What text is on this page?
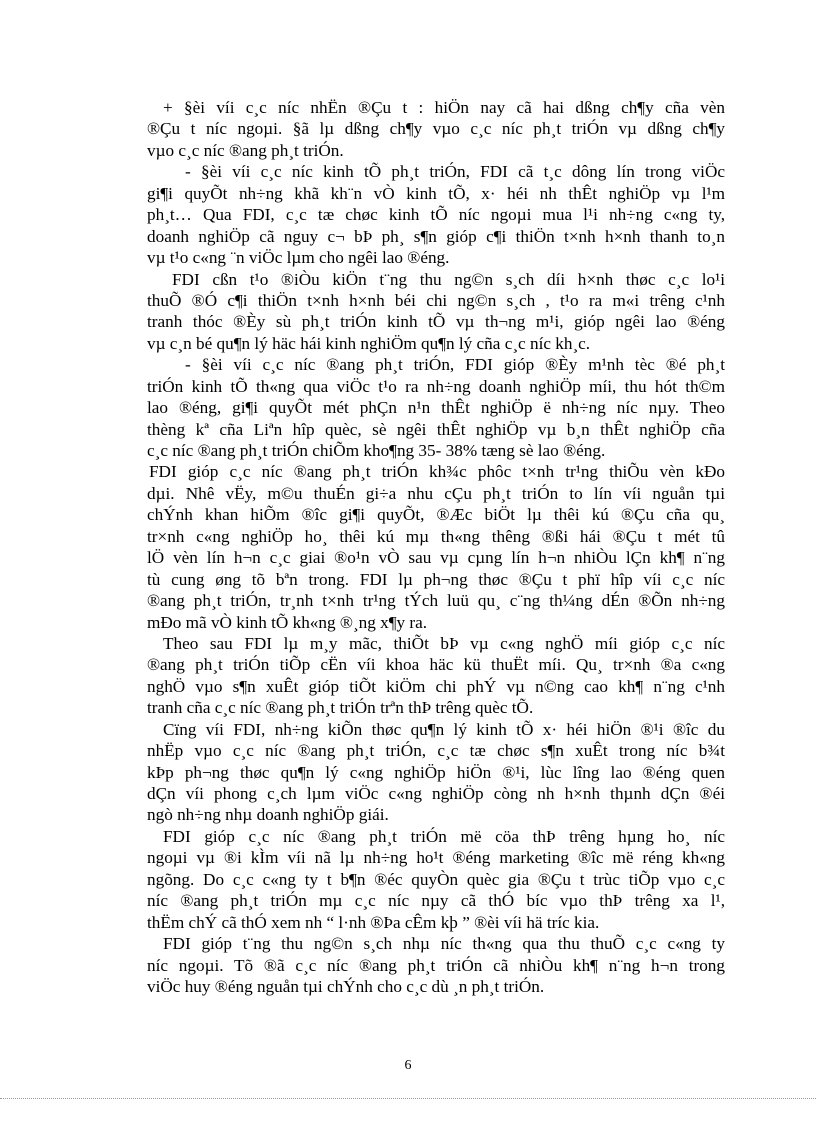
+ §èi víi c¸c níc nhËn ®Çu t : hiÖn nay cã hai dßng ch¶y cña vèn
®Çu t níc ngoµi. §ã lµ dßng ch¶y vµo c¸c níc ph¸t triÓn vµ dßng ch¶y
vµo c¸c níc ®ang ph¸t triÓn.
- §èi víi c¸c níc kinh tÕ ph¸t triÓn, FDI cã t¸c dông lín trong viÖc
gi¶i quyÕt nh÷ng khã kh¨n vÒ kinh tÕ, x· héi nh thÊt nghiÖp vµ l¹m
ph¸t… Qua FDI, c¸c tæ chøc kinh tÕ níc ngoµi mua l¹i nh÷ng c«ng ty,
doanh nghiÖp cã nguy c¬ bÞ ph¸ s¶n gióp c¶i thiÖn t×nh h×nh thanh to¸n
vµ t¹o c«ng ¨n viÖc lµm cho ngêi lao ®éng.
FDI cßn t¹o ®iÒu kiÖn t¨ng thu ng©n s¸ch díi h×nh thøc c¸c lo¹i
thuÕ ®Ó c¶i thiÖn t×nh h×nh béi chi ng©n s¸ch , t¹o ra m«i trêng c¹nh
tranh thóc ®Èy sù ph¸t triÓn kinh tÕ vµ th¬ng m¹i, gióp ngêi lao ®éng
vµ c¸n bé qu¶n lý häc hái kinh nghiÖm qu¶n lý cña c¸c níc kh¸c.
- §èi víi c¸c níc ®ang ph¸t triÓn, FDI gióp ®Èy m¹nh tèc ®é ph¸t
triÓn kinh tÕ th«ng qua viÖc t¹o ra nh÷ng doanh nghiÖp míi, thu hót th©m
lao ®éng, gi¶i quyÕt mét phÇn n¹n thÊt nghiÖp ë nh÷ng níc nµy. Theo
thèng kª cña Liªn hîp quèc, sè ngêi thÊt nghiÖp vµ b¸n thÊt nghiÖp cña
c¸c níc ®ang ph¸t triÓn chiÕm kho¶ng 35- 38% tæng sè lao ®éng.
FDI gióp c¸c níc ®ang ph¸t triÓn kh¾c phôc t×nh tr¹ng thiÕu vèn kÐo
dµi. Nhê vËy, m©u thuÉn gi÷a nhu cÇu ph¸t triÓn to lín víi nguån tµi
chÝnh khan hiÕm ®îc gi¶i quyÕt, ®Æc biÖt lµ thêi kú ®Çu cña qu¸
tr×nh c«ng nghiÖp ho¸ thêi kú mµ th«ng thêng ®ßi hái ®Çu t mét tû
lÖ vèn lín h¬n c¸c giai ®o¹n vÒ sau vµ cµng lín h¬n nhiÒu lÇn kh¶ n¨ng
tù cung øng tõ bªn trong. FDI lµ ph¬ng thøc ®Çu t phï hîp víi c¸c níc
®ang ph¸t triÓn, tr¸nh t×nh tr¹ng tÝch luü qu¸ c¨ng th¼ng dÉn ®Õn nh÷ng
mÐo mã vÒ kinh tÕ kh«ng ®¸ng x¶y ra.
Theo sau FDI lµ m¸y mãc, thiÕt bÞ vµ c«ng nghÖ míi gióp c¸c níc
®ang ph¸t triÓn tiÕp cËn víi khoa häc kü thuËt míi. Qu¸ tr×nh ®a c«ng
nghÖ vµo s¶n xuÊt gióp tiÕt kiÖm chi phÝ vµ n©ng cao kh¶ n¨ng c¹nh
tranh cña c¸c níc ®ang ph¸t triÓn trªn thÞ trêng quèc tÕ.
Cïng víi FDI, nh÷ng kiÕn thøc qu¶n lý kinh tÕ x· héi hiÖn ®¹i ®îc du
nhËp vµo c¸c níc ®ang ph¸t triÓn, c¸c tæ chøc s¶n xuÊt trong níc b¾t
kÞp ph¬ng thøc qu¶n lý c«ng nghiÖp hiÖn ®¹i, lùc lîng lao ®éng quen
dÇn víi phong c¸ch lµm viÖc c«ng nghiÖp còng nh h×nh thµnh dÇn ®éi
ngò nh÷ng nhµ doanh nghiÖp giái.
FDI gióp c¸c níc ®ang ph¸t triÓn më cöa thÞ trêng hµng ho¸ níc
ngoµi vµ ®i kÌm víi nã lµ nh÷ng ho¹t ®éng marketing ®îc më réng kh«ng
ngõng. Do c¸c c«ng ty t b¶n ®éc quyÒn quèc gia ®Çu t trùc tiÕp vµo c¸c
níc ®ang ph¸t triÓn mµ c¸c níc nµy cã thÓ bíc vµo thÞ trêng xa l¹,
thËm chÝ cã thÓ xem nh “ l·nh ®Þa cÊm kþ ” ®èi víi hä tríc kia.
FDI gióp t¨ng thu ng©n s¸ch nhµ níc th«ng qua thu thuÕ c¸c c«ng ty
níc ngoµi. Tõ ®ã c¸c níc ®ang ph¸t triÓn cã nhiÒu kh¶ n¨ng h¬n trong
viÖc huy ®éng nguån tµi chÝnh cho c¸c dù ¸n ph¸t triÓn.
6
